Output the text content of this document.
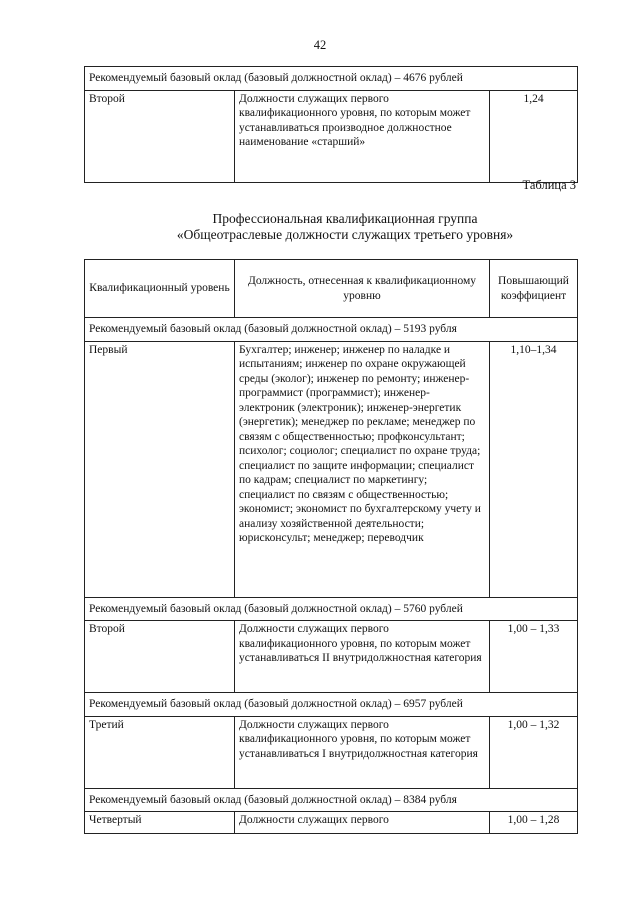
42
Рекомендуемый базовый оклад (базовый должностной оклад) – 4676 рублей
Второй	Должности служащих первого квалификационного уровня, по которым может устанавливаться производное должностное наименование «старший»	1,24
Таблица 3
Профессиональная квалификационная группа
«Общеотраслевые должности служащих третьего уровня»
Квалификационный уровень	Должность, отнесенная к квалификационному уровню	Повышающий коэффициент
Рекомендуемый базовый оклад (базовый должностной оклад) – 5193 рубля		
Первый	Бухгалтер; инженер; инженер по наладке и испытаниям; инженер по охране окружающей среды (эколог); инженер по ремонту; инженер-программист (программист); инженер-электроник (электроник); инженер-энергетик (энергетик); менеджер по рекламе; менеджер по связям с общественностью; профконсультант; психолог; социолог; специалист по охране труда; специалист по защите информации; специалист по кадрам; специалист по маркетингу; специалист по связям с общественностью; экономист; экономист по бухгалтерскому учету и анализу хозяйственной деятельности; юрисконсульт; менеджер; переводчик	1,10–1,34
Рекомендуемый базовый оклад (базовый должностной оклад) – 5760 рублей		
Второй	Должности служащих первого квалификационного уровня, по которым может устанавливаться II внутридолжностная категория	1,00 – 1,33
Рекомендуемый базовый оклад (базовый должностной оклад) – 6957 рублей		
Третий	Должности служащих первого квалификационного уровня, по которым может устанавливаться I внутридолжностная категория	1,00 – 1,32
Рекомендуемый базовый оклад (базовый должностной оклад) – 8384 рубля		
Четвертый	Должности служащих первого	1,00 – 1,28
